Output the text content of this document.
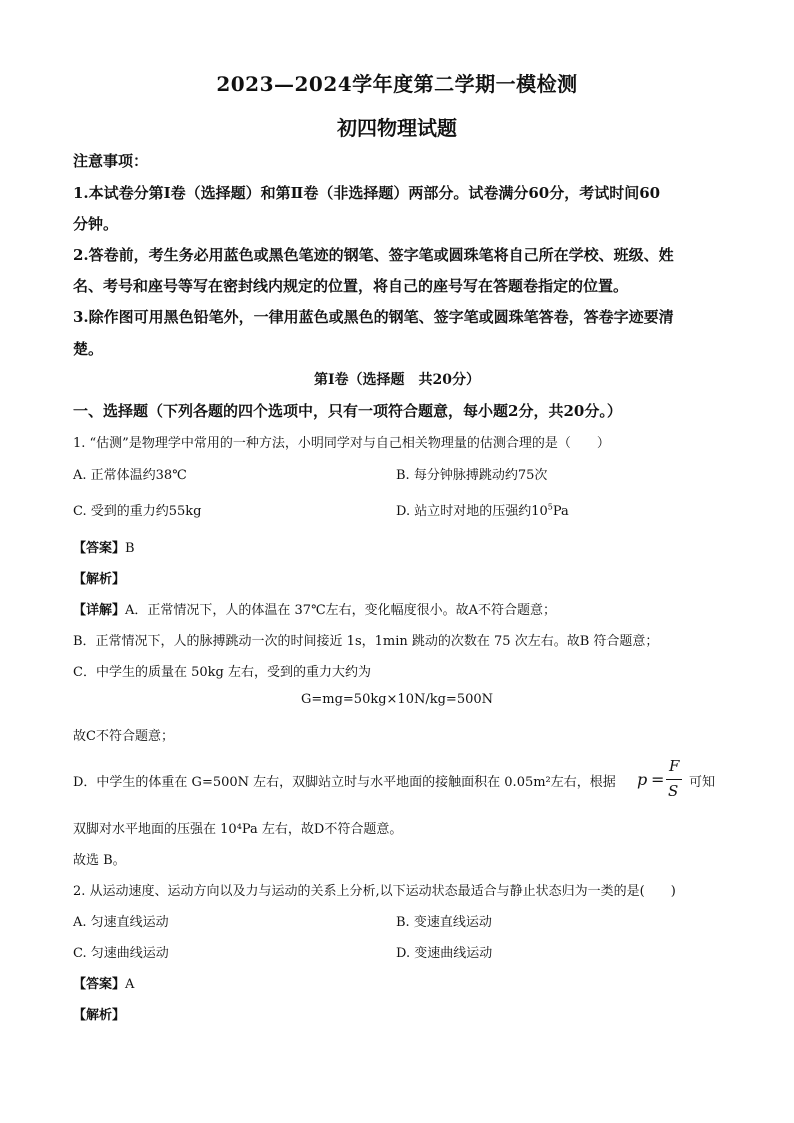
2023—2024学年度第二学期一模检测
初四物理试题
注意事项：
1.本试卷分第Ⅰ卷（选择题）和第Ⅱ卷（非选择题）两部分。试卷满分60分，考试时间60
分钟。
2.答卷前，考生务必用蓝色或黑色笔迹的钢笔、签字笔或圆珠笔将自己所在学校、班级、姓
名、考号和座号等写在密封线内规定的位置，将自己的座号写在答题卷指定的位置。
3.除作图可用黑色铅笔外，一律用蓝色或黑色的钢笔、签字笔或圆珠笔答卷，答卷字迹要清
楚。
第Ⅰ卷（选择题　共20分）
一、选择题（下列各题的四个选项中，只有一项符合题意，每小题2分，共20分。）
1. “估测”是物理学中常用的一种方法，小明同学对与自己相关物理量的估测合理的是（　　）
A. 正常体温约38℃	B. 每分钟脉搏跳动约75次
C. 受到的重力约55kg	D. 站立时对地的压强约$10^5Pa$
【答案】B
【解析】
【详解】A．正常情况下，人的体温在 37℃左右，变化幅度很小。故A不符合题意；
B．正常情况下，人的脉搏跳动一次的时间接近 1s，1min 跳动的次数在 75 次左右。故B 符合题意；
C．中学生的质量在 50kg 左右，受到的重力大约为
G=mg=50kg×10N/kg=500N
故C不符合题意；
D．中学生的体重在 G=500N 左右，双脚站立时与水平地面的接触面积在 0.05m²左右，根据 p =
F
S 可知
双脚对水平地面的压强在 10⁴Pa 左右，故D不符合题意。
故选 B。
2. 从运动速度、运动方向以及力与运动的关系上分析,以下运动状态最适合与静止状态归为一类的是(　　)
A. 匀速直线运动	B. 变速直线运动
C. 匀速曲线运动	D. 变速曲线运动
【答案】A
【解析】
